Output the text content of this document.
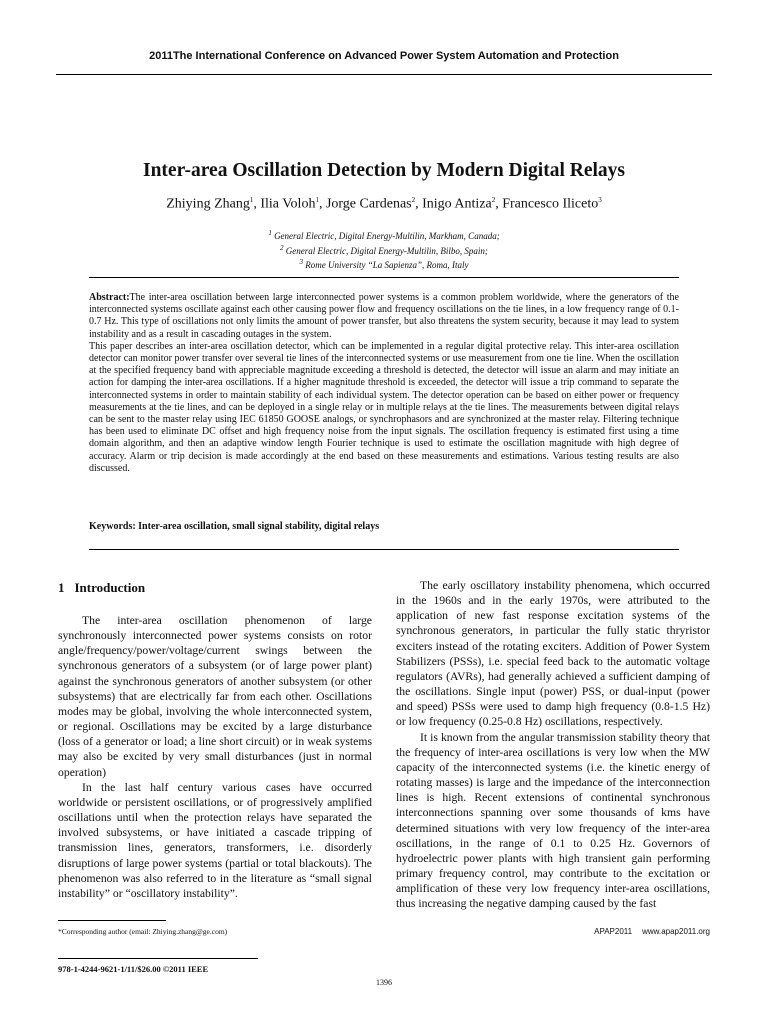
2011The International Conference on Advanced Power System Automation and Protection
Inter-area Oscillation Detection by Modern Digital Relays
Zhiying Zhang$^1$, Ilia Voloh$^1$, Jorge Cardenas$^2$, Inigo Antiza$^2$, Francesco Iliceto$^3$
$^1$ General Electric, Digital Energy-Multilin, Markham, Canada;
$^2$ General Electric, Digital Energy-Multilin, Bilbo, Spain;
$^3$ Rome University “La Sapienza”, Roma, Italy

Abstract:The inter-area oscillation between large interconnected power systems is a common problem worldwide, where the generators of the interconnected systems oscillate against each other causing power flow and frequency oscillations on the tie lines, in a low frequency range of 0.1-0.7 Hz. This type of oscillations not only limits the amount of power transfer, but also threatens the system security, because it may lead to system instability and as a result in cascading outages in the system.

This paper describes an inter-area oscillation detector, which can be implemented in a regular digital protective relay. This inter-area oscillation detector can monitor power transfer over several tie lines of the interconnected systems or use measurement from one tie line. When the oscillation at the specified frequency band with appreciable magnitude exceeding a threshold is detected, the detector will issue an alarm and may initiate an action for damping the inter-area oscillations. If a higher magnitude threshold is exceeded, the detector will issue a trip command to separate the interconnected systems in order to maintain stability of each individual system. The detector operation can be based on either power or frequency measurements at the tie lines, and can be deployed in a single relay or in multiple relays at the tie lines. The measurements between digital relays can be sent to the master relay using IEC 61850 GOOSE analogs, or synchrophasors and are synchronized at the master relay. Filtering technique has been used to eliminate DC offset and high frequency noise from the input signals. The oscillation frequency is estimated first using a time domain algorithm, and then an adaptive window length Fourier technique is used to estimate the oscillation magnitude with high degree of accuracy. Alarm or trip decision is made accordingly at the end based on these measurements and estimations. Various testing results are also discussed.

Keywords: Inter-area oscillation, small signal stability, digital relays
1 Introduction

The inter-area oscillation phenomenon of large synchronously interconnected power systems consists on rotor angle/frequency/power/voltage/current swings between the synchronous generators of a subsystem (or of large power plant) against the synchronous generators of another subsystem (or other subsystems) that are electrically far from each other. Oscillations modes may be global, involving the whole interconnected system, or regional. Oscillations may be excited by a large disturbance (loss of a generator or load; a line short circuit) or in weak systems may also be excited by very small disturbances (just in normal operation)

In the last half century various cases have occurred worldwide or persistent oscillations, or of progressively amplified oscillations until when the protection relays have separated the involved subsystems, or have initiated a cascade tripping of transmission lines, generators, transformers, i.e. disorderly disruptions of large power systems (partial or total blackouts). The phenomenon was also referred to in the literature as “small signal instability” or “oscillatory instability”.

The early oscillatory instability phenomena, which occurred in the 1960s and in the early 1970s, were attributed to the application of new fast response excitation systems of the synchronous generators, in particular the fully static thryristor exciters instead of the rotating exciters. Addition of Power System Stabilizers (PSSs), i.e. special feed back to the automatic voltage regulators (AVRs), had generally achieved a sufficient damping of the oscillations. Single input (power) PSS, or dual-input (power and speed) PSSs were used to damp high frequency (0.8-1.5 Hz) or low frequency (0.25-0.8 Hz) oscillations, respectively.

It is known from the angular transmission stability theory that the frequency of inter-area oscillations is very low when the MW capacity of the interconnected systems (i.e. the kinetic energy of rotating masses) is large and the impedance of the interconnection lines is high. Recent extensions of continental synchronous interconnections spanning over some thousands of kms have determined situations with very low frequency of the inter-area oscillations, in the range of 0.1 to 0.25 Hz. Governors of hydroelectric power plants with high transient gain performing primary frequency control, may contribute to the excitation or amplification of these very low frequency inter-area oscillations, thus increasing the negative damping caused by the fast

*Corresponding author (email: Zhiying.zhang@ge.com)	APAP2011 www.apap2011.org
978-1-4244-9621-1/11/$26.00 ©2011 IEEE
1396
